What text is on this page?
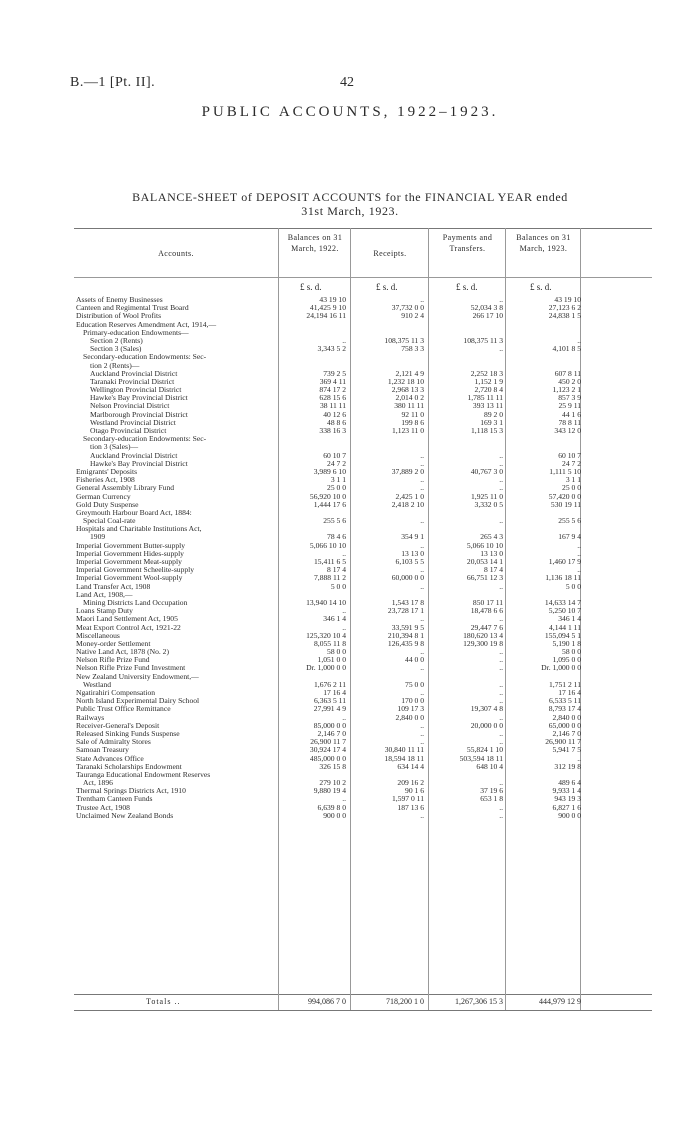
B.—1 [Pt. II].	42
PUBLIC ACCOUNTS, 1922–1923.
BALANCE-SHEET of DEPOSIT ACCOUNTS for the FINANCIAL YEAR ended
31st March, 1923.
Accounts.
Balances on 31 March, 1922.
Receipts.
Payments and Transfers.
Balances on 31 March, 1923.
£ s. d.	£ s. d.	£ s. d.	£ s. d.
Assets of Enemy Businesses	43 19 10	..	..	43 19 10
Canteen and Regimental Trust Board	41,425 9 10	37,732 0 0	52,034 3 8	27,123 6 2
Distribution of Wool Profits	24,194 16 11	910 2 4	266 17 10	24,838 1 5
Education Reserves Amendment Act, 1914,—
Primary-education Endowments—
Section 2 (Rents)	..	108,375 11 3	108,375 11 3	..
Section 3 (Sales)	3,343 5 2	758 3 3	..	4,101 8 5
Secondary-education Endowments: Sec-
tion 2 (Rents)—
Auckland Provincial District	739 2 5	2,121 4 9	2,252 18 3	607 8 11
Taranaki Provincial District	369 4 11	1,232 18 10	1,152 1 9	450 2 0
Wellington Provincial District	874 17 2	2,968 13 3	2,720 8 4	1,123 2 1
Hawke's Bay Provincial District	628 15 6	2,014 0 2	1,785 11 11	857 3 9
Nelson Provincial District	38 11 11	380 11 11	393 13 11	25 9 11
Marlborough Provincial District	40 12 6	92 11 0	89 2 0	44 1 6
Westland Provincial District	48 8 6	199 8 6	169 3 1	78 8 11
Otago Provincial District	338 16 3	1,123 11 0	1,118 15 3	343 12 0
Secondary-education Endowments: Sec-
tion 3 (Sales)—
Auckland Provincial District	60 10 7	..	..	60 10 7
Hawke's Bay Provincial District	24 7 2	..	..	24 7 2
Emigrants' Deposits	3,989 6 10	37,889 2 0	40,767 3 0	1,111 5 10
Fisheries Act, 1908	3 1 1	..	..	3 1 1
General Assembly Library Fund	25 0 0	..	..	25 0 0
German Currency	56,920 10 0	2,425 1 0	1,925 11 0	57,420 0 0
Gold Duty Suspense	1,444 17 6	2,418 2 10	3,332 0 5	530 19 11
Greymouth Harbour Board Act, 1884:
Special Coal-rate	255 5 6	..	..	255 5 6
Hospitals and Charitable Institutions Act,
1909	78 4 6	354 9 1	265 4 3	167 9 4
Imperial Government Butter-supply	5,066 10 10	..	5,066 10 10	..
Imperial Government Hides-supply	..	13 13 0	13 13 0	..
Imperial Government Meat-supply	15,411 6 5	6,103 5 5	20,053 14 1	1,460 17 9
Imperial Government Scheelite-supply	8 17 4	..	8 17 4	..
Imperial Government Wool-supply	7,888 11 2	60,000 0 0	66,751 12 3	1,136 18 11
Land Transfer Act, 1908	5 0 0	..	..	5 0 0
Land Act, 1908,—
Mining Districts Land Occupation	13,940 14 10	1,543 17 8	850 17 11	14,633 14 7
Loans Stamp Duty	..	23,728 17 1	18,478 6 6	5,250 10 7
Maori Land Settlement Act, 1905	346 1 4	..	..	346 1 4
Meat Export Control Act, 1921-22	..	33,591 9 5	29,447 7 6	4,144 1 11
Miscellaneous	125,320 10 4	210,394 8 1	180,620 13 4	155,094 5 1
Money-order Settlement	8,055 11 8	126,435 9 8	129,300 19 8	5,190 1 8
Native Land Act, 1878 (No. 2)	58 0 0	..	..	58 0 0
Nelson Rifle Prize Fund	1,051 0 0	44 0 0	..	1,095 0 0
Nelson Rifle Prize Fund Investment	Dr. 1,000 0 0	..	..	Dr. 1,000 0 0
New Zealand University Endowment,—
Westland	1,676 2 11	75 0 0	..	1,751 2 11
Ngatirahiri Compensation	17 16 4	..	..	17 16 4
North Island Experimental Dairy School	6,363 5 11	170 0 0	..	6,533 5 11
Public Trust Office Remittance	27,991 4 9	109 17 3	19,307 4 8	8,793 17 4
Railways	..	2,840 0 0	..	2,840 0 0
Receiver-General's Deposit	85,000 0 0	..	20,000 0 0	65,000 0 0
Released Sinking Funds Suspense	2,146 7 0	..	..	2,146 7 0
Sale of Admiralty Stores	26,900 11 7	..	..	26,900 11 7
Samoan Treasury	30,924 17 4	30,840 11 11	55,824 1 10	5,941 7 5
State Advances Office	485,000 0 0	18,594 18 11	503,594 18 11	..
Taranaki Scholarships Endowment	326 15 8	634 14 4	648 10 4	312 19 8
Tauranga Educational Endowment Reserves
Act, 1896	279 10 2	209 16 2	..	489 6 4
Thermal Springs Districts Act, 1910	9,880 19 4	90 1 6	37 19 6	9,933 1 4
Trentham Canteen Funds	..	1,597 0 11	653 1 8	943 19 3
Trustee Act, 1908	6,639 8 0	187 13 6	..	6,827 1 6
Unclaimed New Zealand Bonds	900 0 0	..	..	900 0 0
Totals ..	994,086 7 0	718,200 1 0	1,267,306 15 3	444,979 12 9
